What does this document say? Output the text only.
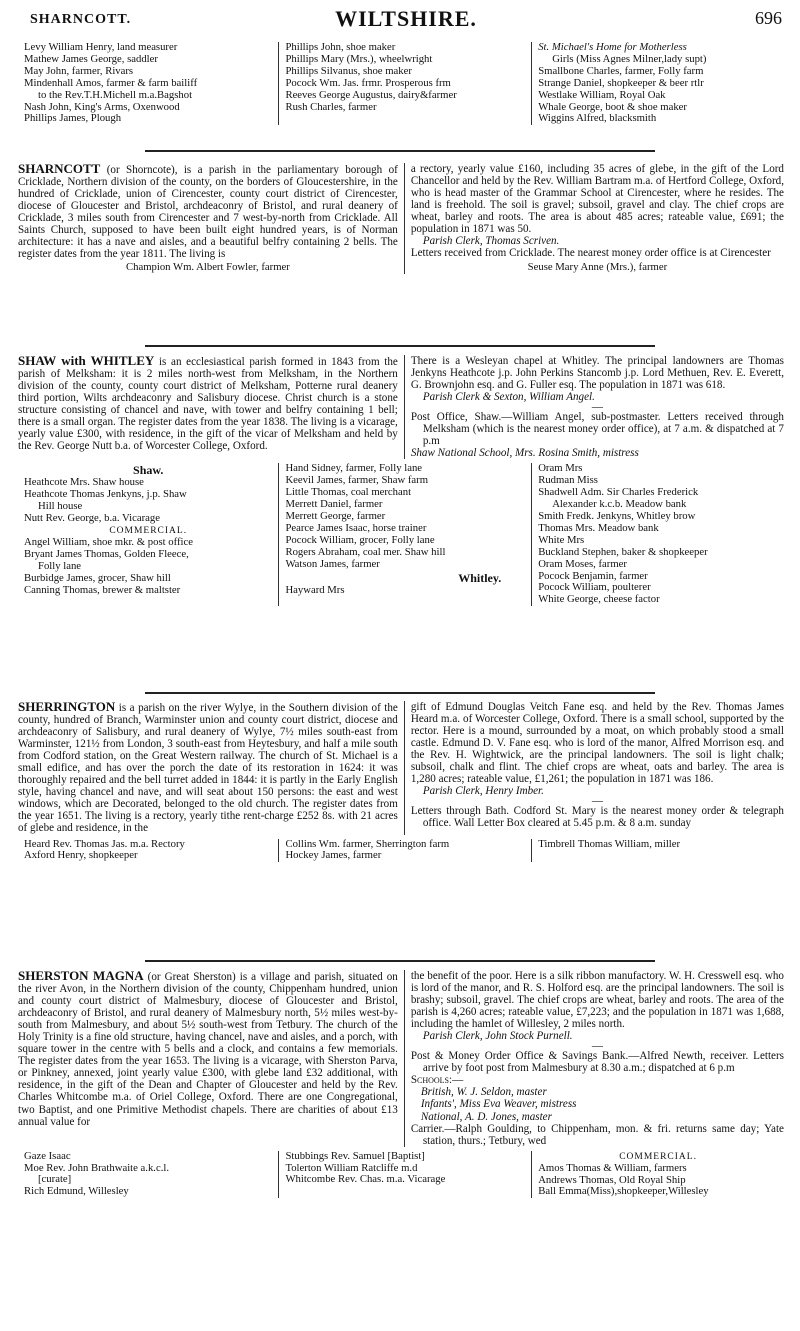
SHARNCOTT.	WILTSHIRE.	696
Levy William Henry, land measurer
Mathew James George, saddler
May John, farmer, Rivars
Mindenhall Amos, farmer & farm bailiff
to the Rev.T.H.Michell m.a.Bagshot
Nash John, King's Arms, Oxenwood
Phillips James, Plough
Phillips John, shoe maker
Phillips Mary (Mrs.), wheelwright
Phillips Silvanus, shoe maker
Pocock Wm. Jas. frmr. Prosperous frm
Reeves George Augustus, dairy&farmer
Rush Charles, farmer
St. Michael's Home for Motherless
Girls (Miss Agnes Milner,lady supt)
Smallbone Charles, farmer, Folly farm
Strange Daniel, shopkeeper & beer rtlr
Westlake William, Royal Oak
Whale George, boot & shoe maker
Wiggins Alfred, blacksmith
SHARNCOTT (or Shorncote), is a parish in the parliamentary borough of Cricklade, Northern division of the county, on the borders of Gloucestershire, in the hundred of Cricklade, union of Cirencester, county court district of Cirencester, diocese of Gloucester and Bristol, archdeaconry of Bristol, and rural deanery of Cricklade, 3 miles south from Cirencester and 7 west-by-north from Cricklade. All Saints Church, supposed to have been built eight hundred years, is of Norman architecture: it has a nave and aisles, and a beautiful belfry containing 2 bells. The register dates from the year 1811. The living is
a rectory, yearly value £160, including 35 acres of glebe, in the gift of the Lord Chancellor and held by the Rev. William Bartram m.a. of Hertford College, Oxford, who is head master of the Grammar School at Cirencester, where he resides. The land is freehold. The soil is gravel; subsoil, gravel and clay. The chief crops are wheat, barley and roots. The area is about 485 acres; rateable value, £691; the population in 1871 was 50.
Parish Clerk, Thomas Scriven.
Letters received from Cricklade. The nearest money order office is at Cirencester
Champion Wm. Albert Fowler, farmer	Seuse Mary Anne (Mrs.), farmer
SHAW with WHITLEY is an ecclesiastical parish formed in 1843 from the parish of Melksham: it is 2 miles north-west from Melksham, in the Northern division of the county, county court district of Melksham, Potterne rural deanery third portion, Wilts archdeaconry and Salisbury diocese. Christ church is a stone structure consisting of chancel and nave, with tower and belfry containing 1 bell; there is a small organ. The register dates from the year 1838. The living is a vicarage, yearly value £300, with residence, in the gift of the vicar of Melksham and held by the Rev. George Nutt b.a. of Worcester College, Oxford.
There is a Wesleyan chapel at Whitley. The principal landowners are Thomas Jenkyns Heathcote j.p. John Perkins Stancomb j.p. Lord Methuen, Rev. E. Everett, G. Brownjohn esq. and G. Fuller esq. The population in 1871 was 618.
Parish Clerk & Sexton, William Angel.
—
Post Office, Shaw.—William Angel, sub-postmaster. Letters received through Melksham (which is the nearest money order office), at 7 a.m. & dispatched at 7 p.m
Shaw National School, Mrs. Rosina Smith, mistress
Shaw.
Heathcote Mrs. Shaw house
Heathcote Thomas Jenkyns, j.p. Shaw
Hill house
Nutt Rev. George, b.a. Vicarage
COMMERCIAL.
Angel William, shoe mkr. & post office
Bryant James Thomas, Golden Fleece,
Folly lane
Burbidge James, grocer, Shaw hill
Canning Thomas, brewer & maltster
Hand Sidney, farmer, Folly lane
Keevil James, farmer, Shaw farm
Little Thomas, coal merchant
Merrett Daniel, farmer
Merrett George, farmer
Pearce James Isaac, horse trainer
Pocock William, grocer, Folly lane
Rogers Abraham, coal mer. Shaw hill
Watson James, farmer
Whitley.
Hayward Mrs
Oram Mrs
Rudman Miss
Shadwell Adm. Sir Charles Frederick
Alexander k.c.b. Meadow bank
Smith Fredk. Jenkyns, Whitley brow
Thomas Mrs. Meadow bank
White Mrs
Buckland Stephen, baker & shopkeeper
Oram Moses, farmer
Pocock Benjamin, farmer
Pocock William, poulterer
White George, cheese factor
SHERRINGTON is a parish on the river Wylye, in the Southern division of the county, hundred of Branch, Warminster union and county court district, diocese and archdeaconry of Salisbury, and rural deanery of Wylye, 7½ miles south-east from Warminster, 121½ from London, 3 south-east from Heytesbury, and half a mile south from Codford station, on the Great Western railway. The church of St. Michael is a small edifice, and has over the porch the date of its restoration in 1624: it was thoroughly repaired and the bell turret added in 1844: it is partly in the Early English style, having chancel and nave, and will seat about 150 persons: the east and west windows, which are Decorated, belonged to the old church. The register dates from the year 1651. The living is a rectory, yearly tithe rent-charge £252 8s. with 21 acres of glebe and residence, in the
gift of Edmund Douglas Veitch Fane esq. and held by the Rev. Thomas James Heard m.a. of Worcester College, Oxford. There is a small school, supported by the rector. Here is a mound, surrounded by a moat, on which probably stood a small castle. Edmund D. V. Fane esq. who is lord of the manor, Alfred Morrison esq. and the Rev. H. Wightwick, are the principal landowners. The soil is light chalk; subsoil, chalk and flint. The chief crops are wheat, oats and barley. The area is 1,280 acres; rateable value, £1,261; the population in 1871 was 186.
Parish Clerk, Henry Imber.
—
Letters through Bath. Codford St. Mary is the nearest money order & telegraph office. Wall Letter Box cleared at 5.45 p.m. & 8 a.m. sunday
Heard Rev. Thomas Jas. m.a. Rectory
Axford Henry, shopkeeper
Collins Wm. farmer, Sherrington farm
Hockey James, farmer
Timbrell Thomas William, miller
SHERSTON MAGNA (or Great Sherston) is a village and parish, situated on the river Avon, in the Northern division of the county, Chippenham hundred, union and county court district of Malmesbury, diocese of Gloucester and Bristol, archdeaconry of Bristol, and rural deanery of Malmesbury north, 5½ miles west-by-south from Malmesbury, and about 5½ south-west from Tetbury. The church of the Holy Trinity is a fine old structure, having chancel, nave and aisles, and a porch, with square tower in the centre with 5 bells and a clock, and contains a few memorials. The register dates from the year 1653. The living is a vicarage, with Sherston Parva, or Pinkney, annexed, joint yearly value £300, with glebe land £32 additional, with residence, in the gift of the Dean and Chapter of Gloucester and held by the Rev. Charles Whitcombe m.a. of Oriel College, Oxford. There are one Congregational, two Baptist, and one Primitive Methodist chapels. There are charities of about £13 annual value for
the benefit of the poor. Here is a silk ribbon manufactory. W. H. Cresswell esq. who is lord of the manor, and R. S. Holford esq. are the principal landowners. The soil is brashy; subsoil, gravel. The chief crops are wheat, barley and roots. The area of the parish is 4,260 acres; rateable value, £7,223; and the population in 1871 was 1,688, including the hamlet of Willesley, 2 miles north.
Parish Clerk, John Stock Purnell.
—
Post & Money Order Office & Savings Bank.—Alfred Newth, receiver. Letters arrive by foot post from Malmesbury at 8.30 a.m.; dispatched at 6 p.m
Schools:—
British, W. J. Seldon, master
Infants', Miss Eva Weaver, mistress
National, A. D. Jones, master
Carrier.—Ralph Goulding, to Chippenham, mon. & fri. returns same day; Yate station, thurs.; Tetbury, wed
Gaze Isaac
Moe Rev. John Brathwaite a.k.c.l.
[curate]
Rich Edmund, Willesley
Stubbings Rev. Samuel [Baptist]
Tolerton William Ratcliffe m.d
Whitcombe Rev. Chas. m.a. Vicarage
COMMERCIAL.
Amos Thomas & William, farmers
Andrews Thomas, Old Royal Ship
Ball Emma(Miss),shopkeeper,Willesley
